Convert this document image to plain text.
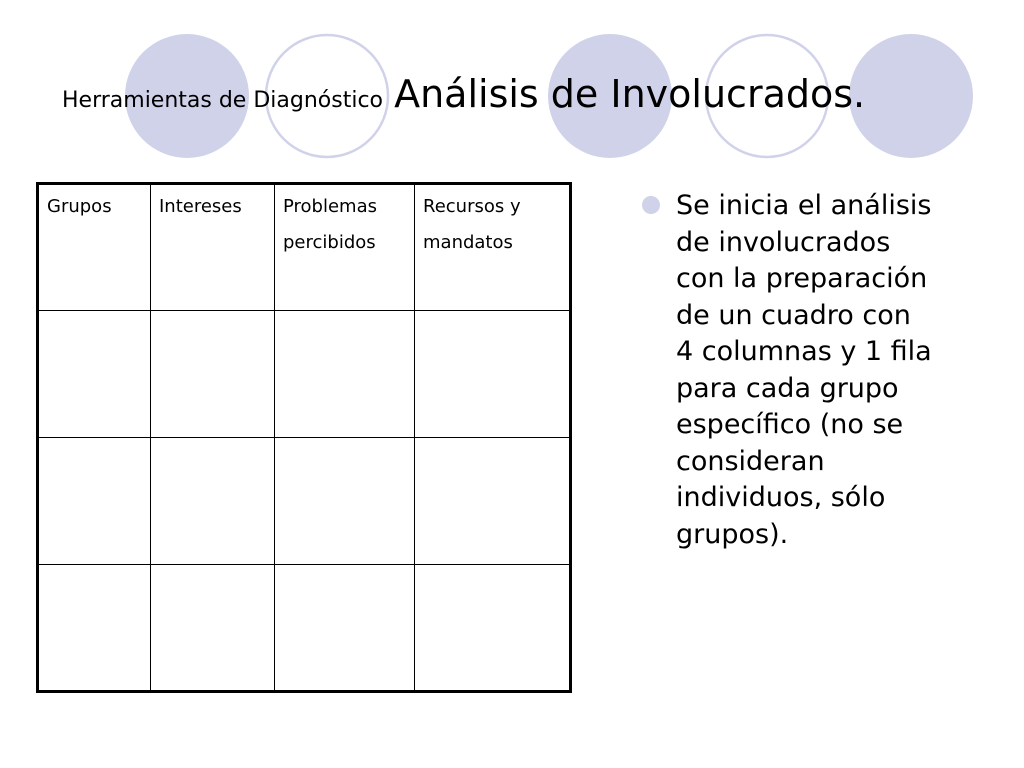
Herramientas de Diagnóstico Análisis de Involucrados.
Grupos	Intereses	Problemas percibidos	Recursos y mandatos

Se inicia el análisis de involucrados con la preparación de un cuadro con 4 columnas y 1 fila para cada grupo específico (no se consideran individuos, sólo grupos).
